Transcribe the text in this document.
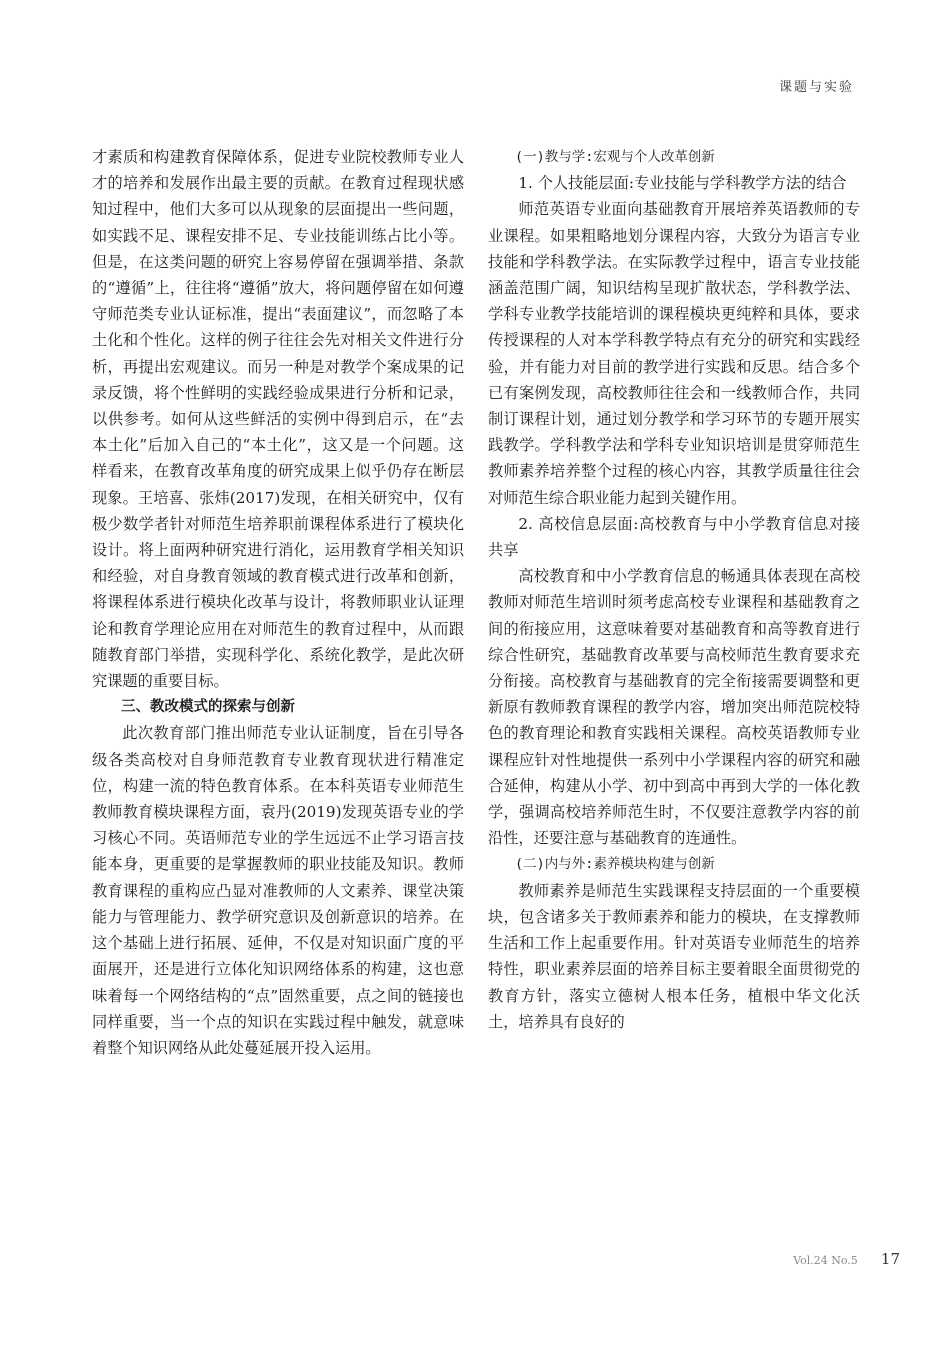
课题与实验

才素质和构建教育保障体系，促进专业院校教师专业人才的培养和发展作出最主要的贡献。在教育过程现状感知过程中，他们大多可以从现象的层面提出一些问题，如实践不足、课程安排不足、专业技能训练占比小等。但是，在这类问题的研究上容易停留在强调举措、条款的“遵循”上，往往将“遵循”放大，将问题停留在如何遵守师范类专业认证标准，提出“表面建议”，而忽略了本土化和个性化。这样的例子往往会先对相关文件进行分析，再提出宏观建议。而另一种是对教学个案成果的记录反馈，将个性鲜明的实践经验成果进行分析和记录，以供参考。如何从这些鲜活的实例中得到启示，在“去本土化”后加入自己的“本土化”，这又是一个问题。这样看来，在教育改革角度的研究成果上似乎仍存在断层现象。王培喜、张炜(2017)发现，在相关研究中，仅有极少数学者针对师范生培养职前课程体系进行了模块化设计。将上面两种研究进行消化，运用教育学相关知识和经验，对自身教育领域的教育模式进行改革和创新，将课程体系进行模块化改革与设计，将教师职业认证理论和教育学理论应用在对师范生的教育过程中，从而跟随教育部门举措，实现科学化、系统化教学，是此次研究课题的重要目标。

三、教改模式的探索与创新

此次教育部门推出师范专业认证制度，旨在引导各级各类高校对自身师范教育专业教育现状进行精准定位，构建一流的特色教育体系。在本科英语专业师范生教师教育模块课程方面，袁丹(2019)发现英语专业的学习核心不同。英语师范专业的学生远远不止学习语言技能本身，更重要的是掌握教师的职业技能及知识。教师教育课程的重构应凸显对准教师的人文素养、课堂决策能力与管理能力、教学研究意识及创新意识的培养。在这个基础上进行拓展、延伸，不仅是对知识面广度的平面展开，还是进行立体化知识网络体系的构建，这也意味着每一个网络结构的“点”固然重要，点之间的链接也同样重要，当一个点的知识在实践过程中触发，就意味着整个知识网络从此处蔓延展开投入运用。

(一)教与学:宏观与个人改革创新

1. 个人技能层面:专业技能与学科教学方法的结合

师范英语专业面向基础教育开展培养英语教师的专业课程。如果粗略地划分课程内容，大致分为语言专业技能和学科教学法。在实际教学过程中，语言专业技能涵盖范围广阔，知识结构呈现扩散状态，学科教学法、学科专业教学技能培训的课程模块更纯粹和具体，要求传授课程的人对本学科教学特点有充分的研究和实践经验，并有能力对目前的教学进行实践和反思。结合多个已有案例发现，高校教师往往会和一线教师合作，共同制订课程计划，通过划分教学和学习环节的专题开展实践教学。学科教学法和学科专业知识培训是贯穿师范生教师素养培养整个过程的核心内容，其教学质量往往会对师范生综合职业能力起到关键作用。

2. 高校信息层面:高校教育与中小学教育信息对接共享

高校教育和中小学教育信息的畅通具体表现在高校教师对师范生培训时须考虑高校专业课程和基础教育之间的衔接应用，这意味着要对基础教育和高等教育进行综合性研究，基础教育改革要与高校师范生教育要求充分衔接。高校教育与基础教育的完全衔接需要调整和更新原有教师教育课程的教学内容，增加突出师范院校特色的教育理论和教育实践相关课程。高校英语教师专业课程应针对性地提供一系列中小学课程内容的研究和融合延伸，构建从小学、初中到高中再到大学的一体化教学，强调高校培养师范生时，不仅要注意教学内容的前沿性，还要注意与基础教育的连通性。

(二)内与外:素养模块构建与创新

教师素养是师范生实践课程支持层面的一个重要模块，包含诸多关于教师素养和能力的模块，在支撑教师生活和工作上起重要作用。针对英语专业师范生的培养特性，职业素养层面的培养目标主要着眼全面贯彻党的教育方针，落实立德树人根本任务，植根中华文化沃土，培养具有良好的

Vol.24 No.5 17
